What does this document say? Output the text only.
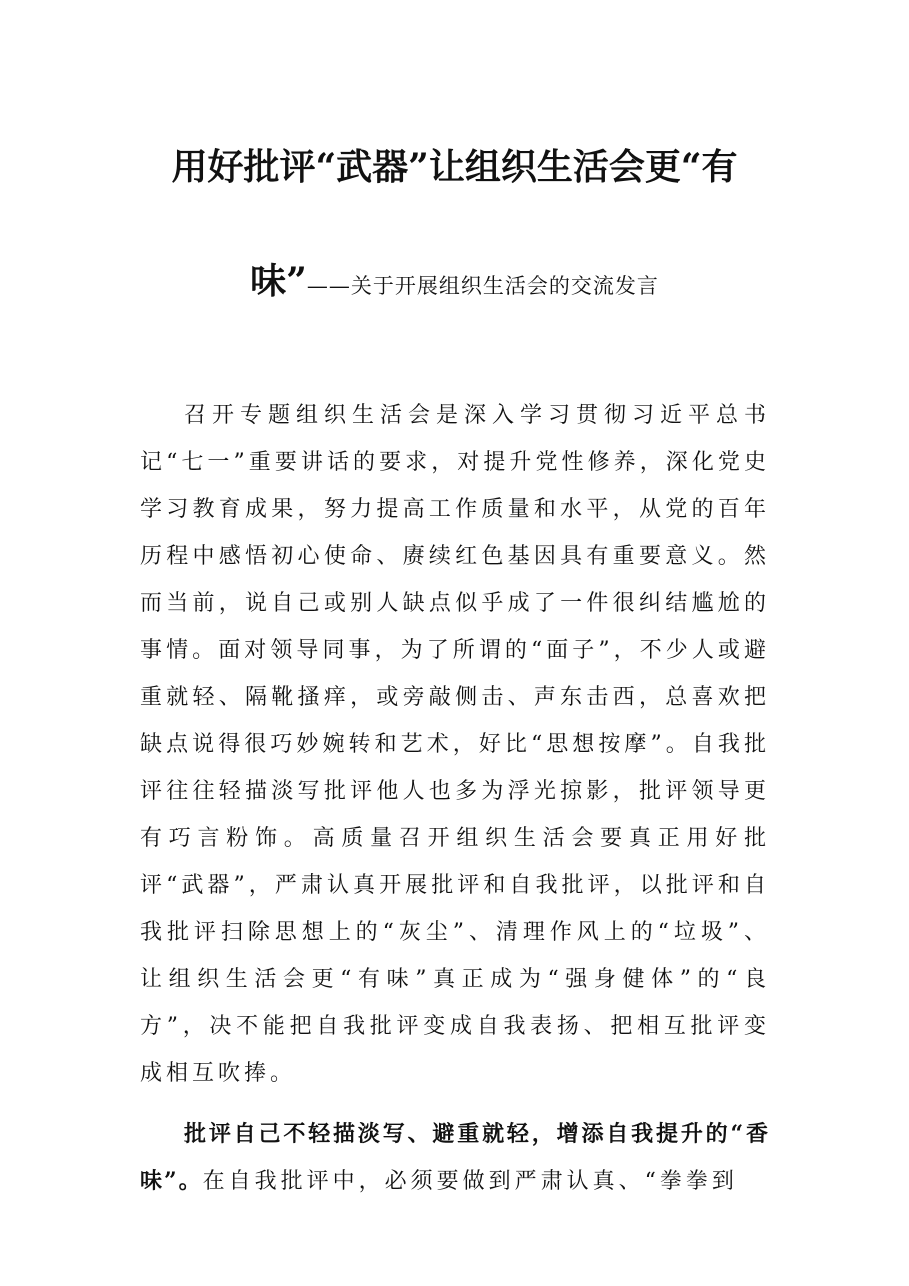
用好批评“武器”让组织生活会更“有
味”——关于开展组织生活会的交流发言

召开专题组织生活会是深入学习贯彻习近平总书记“七一”重要讲话的要求，对提升党性修养，深化党史学习教育成果，努力提高工作质量和水平，从党的百年历程中感悟初心使命、赓续红色基因具有重要意义。然而当前，说自己或别人缺点似乎成了一件很纠结尴尬的事情。面对领导同事，为了所谓的“面子”，不少人或避重就轻、隔靴搔痒，或旁敲侧击、声东击西，总喜欢把缺点说得很巧妙婉转和艺术，好比“思想按摩”。自我批评往往轻描淡写批评他人也多为浮光掠影，批评领导更有巧言粉饰。高质量召开组织生活会要真正用好批评“武器”，严肃认真开展批评和自我批评，以批评和自我批评扫除思想上的“灰尘”、清理作风上的“垃圾”、让组织生活会更“有味”真正成为“强身健体”的“良方”，决不能把自我批评变成自我表扬、把相互批评变成相互吹捧。

批评自己不轻描淡写、避重就轻，增添自我提升的“香味”。在自我批评中，必须要做到严肃认真、“拳拳到
